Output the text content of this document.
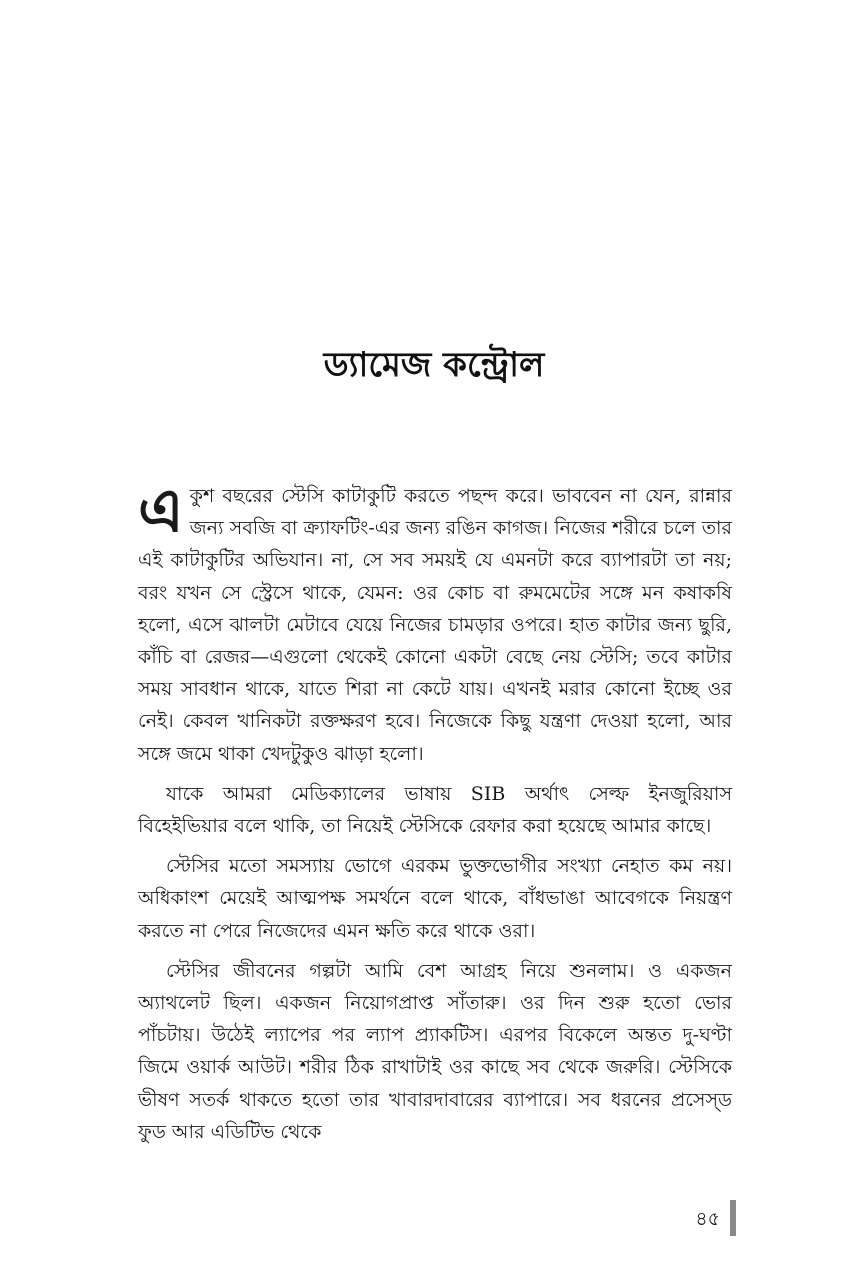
ড্যামেজ কন্ট্রোল

একুশ বছরের স্টেসি কাটাকুটি করতে পছন্দ করে। ভাববেন না যেন, রান্নার জন্য সবজি বা ক্র্যাফটিং-এর জন্য রঙিন কাগজ। নিজের শরীরে চলে তার এই কাটাকুটির অভিযান। না, সে সব সময়ই যে এমনটা করে ব্যাপারটা তা নয়; বরং যখন সে স্ট্রেসে থাকে, যেমন: ওর কোচ বা রুমমেটের সঙ্গে মন কষাকষি হলো, এসে ঝালটা মেটাবে যেয়ে নিজের চামড়ার ওপরে। হাত কাটার জন্য ছুরি, কাঁচি বা রেজর—এগুলো থেকেই কোনো একটা বেছে নেয় স্টেসি; তবে কাটার সময় সাবধান থাকে, যাতে শিরা না কেটে যায়। এখনই মরার কোনো ইচ্ছে ওর নেই। কেবল খানিকটা রক্তক্ষরণ হবে। নিজেকে কিছু যন্ত্রণা দেওয়া হলো, আর সঙ্গে জমে থাকা খেদটুকুও ঝাড়া হলো।

যাকে আমরা মেডিক্যালের ভাষায় SIB অর্থাৎ সেল্ফ ইনজুরিয়াস বিহেইভিয়ার বলে থাকি, তা নিয়েই স্টেসিকে রেফার করা হয়েছে আমার কাছে।

স্টেসির মতো সমস্যায় ভোগে এরকম ভুক্তভোগীর সংখ্যা নেহাত কম নয়। অধিকাংশ মেয়েই আত্মপক্ষ সমর্থনে বলে থাকে, বাঁধভাঙা আবেগকে নিয়ন্ত্রণ করতে না পেরে নিজেদের এমন ক্ষতি করে থাকে ওরা।

স্টেসির জীবনের গল্পটা আমি বেশ আগ্রহ নিয়ে শুনলাম। ও একজন অ্যাথলেট ছিল। একজন নিয়োগপ্রাপ্ত সাঁতারু। ওর দিন শুরু হতো ভোর পাঁচটায়। উঠেই ল্যাপের পর ল্যাপ প্র্যাকটিস। এরপর বিকেলে অন্তত দু-ঘণ্টা জিমে ওয়ার্ক আউট। শরীর ঠিক রাখাটাই ওর কাছে সব থেকে জরুরি। স্টেসিকে ভীষণ সতর্ক থাকতে হতো তার খাবারদাবারের ব্যাপারে। সব ধরনের প্রসেস্‌ড ফুড আর এডিটিভ থেকে

৪৫
